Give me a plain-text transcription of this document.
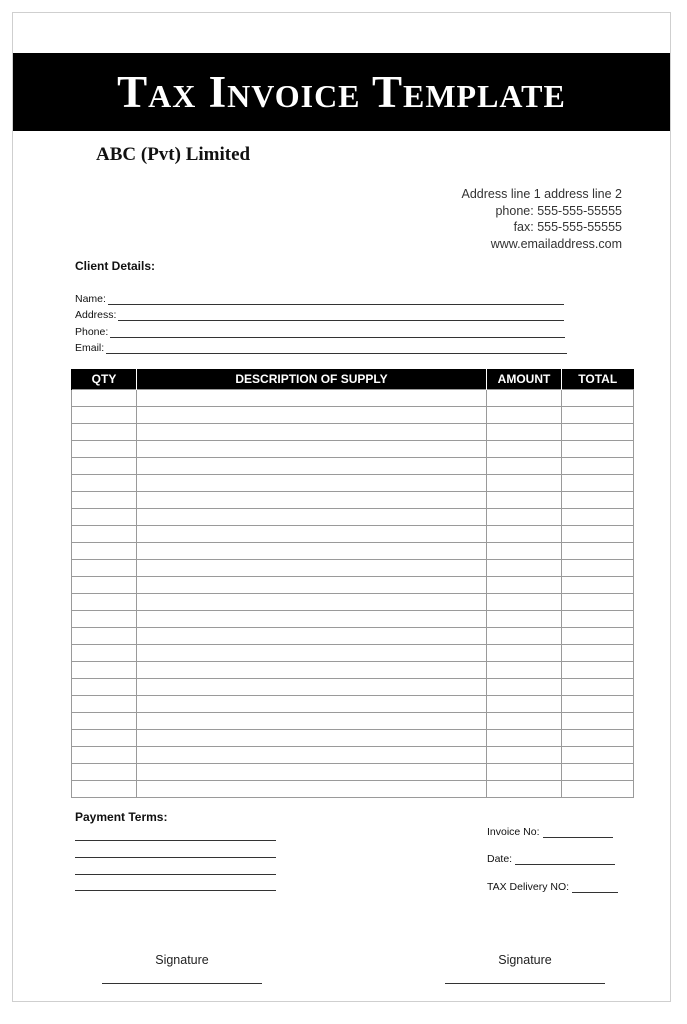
Tax Invoice Template
ABC (Pvt) Limited
Address line 1 address line 2
phone: 555-555-55555
fax: 555-555-55555
www.emailaddress.com
Client Details:
Name:
Address:
Phone:
Email:
QTY	DESCRIPTION OF SUPPLY	AMOUNT	TOTAL

Payment Terms:
Invoice No:
Date:
TAX Delivery NO:
Signature	Signature
